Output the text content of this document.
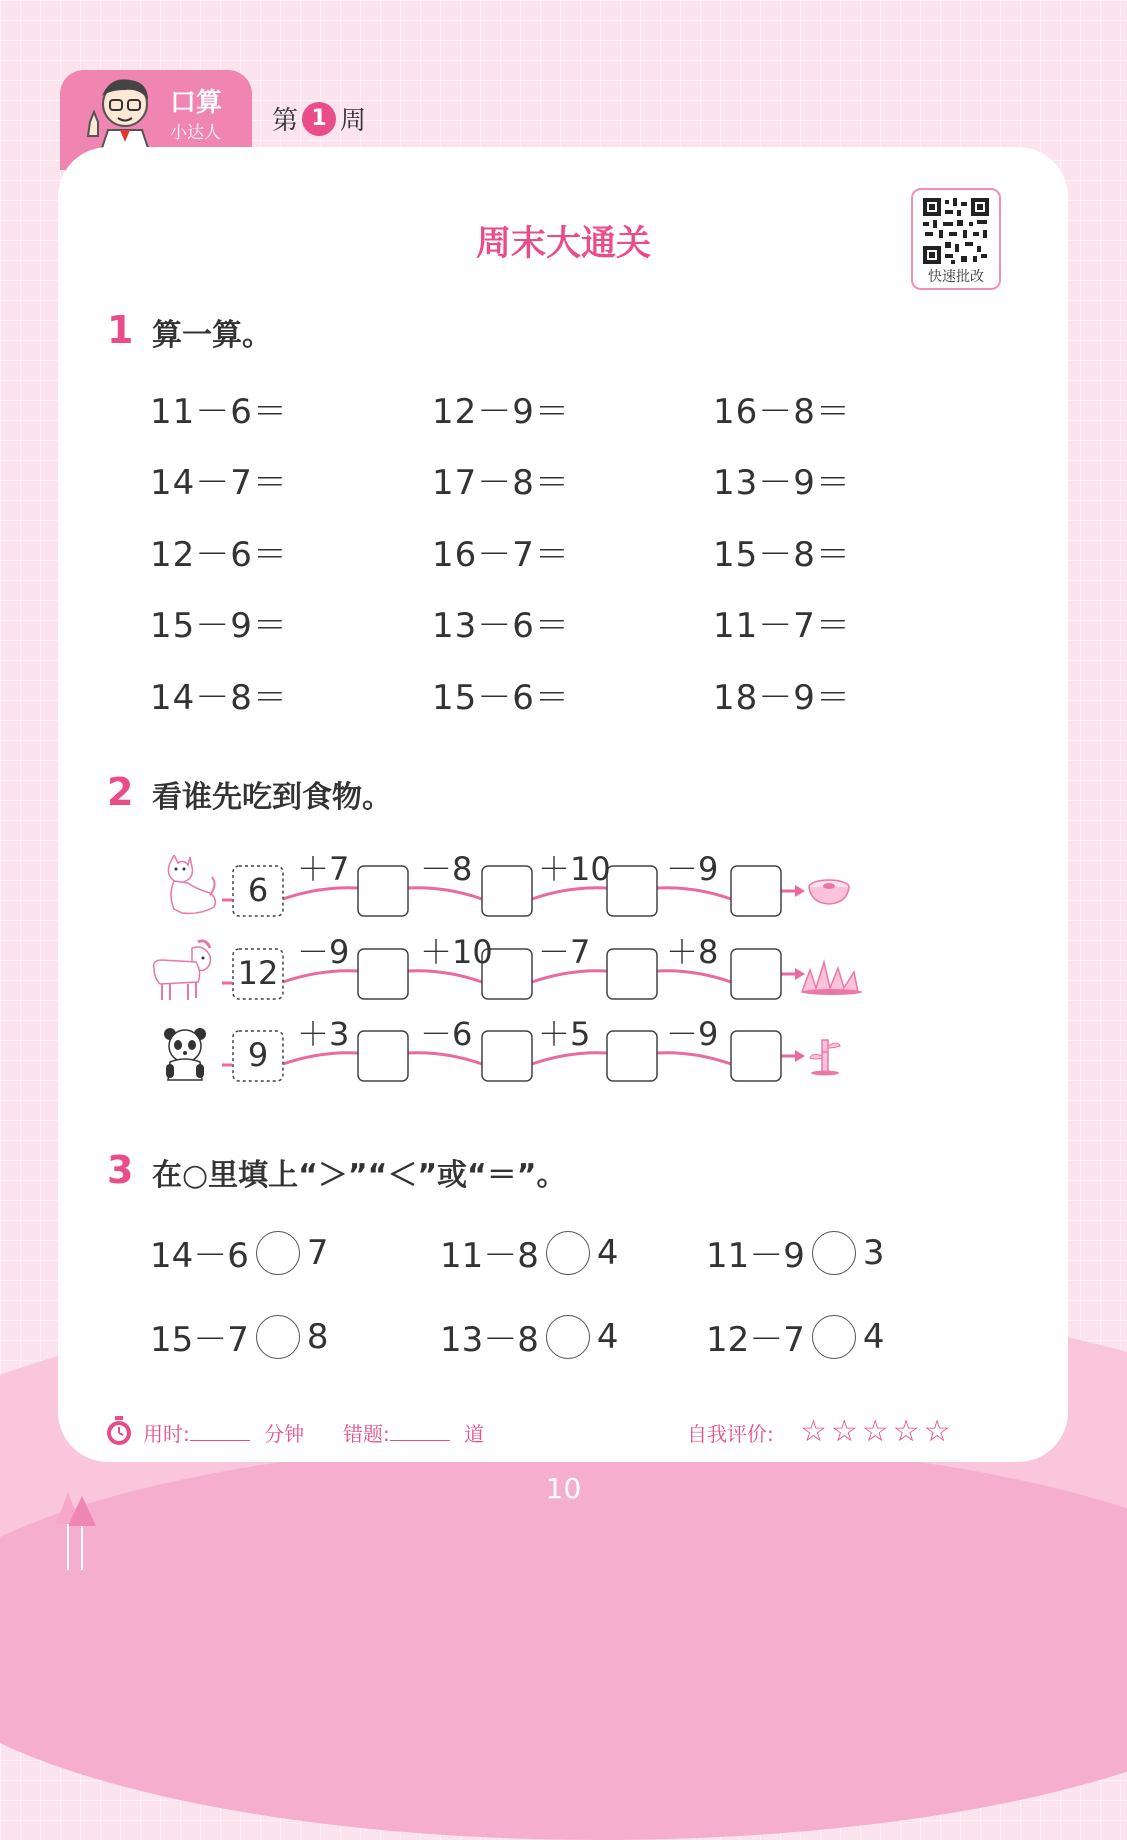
口算
小达人 第 1 周
周末大通关
快速批改
1 算一算。
11－6＝	12－9＝	16－8＝
14－7＝	17－8＝	13－9＝
12－6＝	16－7＝	15－8＝
15－9＝	13－6＝	11－7＝
14－8＝	15－6＝	18－9＝
2 看谁先吃到食物。
6
＋7 －8 ＋10 －9
12
－9 ＋10 －7 ＋8
9
＋3 －6 ＋5 －9
3 在○里填上“＞”“＜”或“＝”。
14－6 7	11－8 4	11－9 3
15－7 8	13－8 4	12－7 4
用时:	分钟 错题:	道	自我评价: ☆☆☆☆☆
10
